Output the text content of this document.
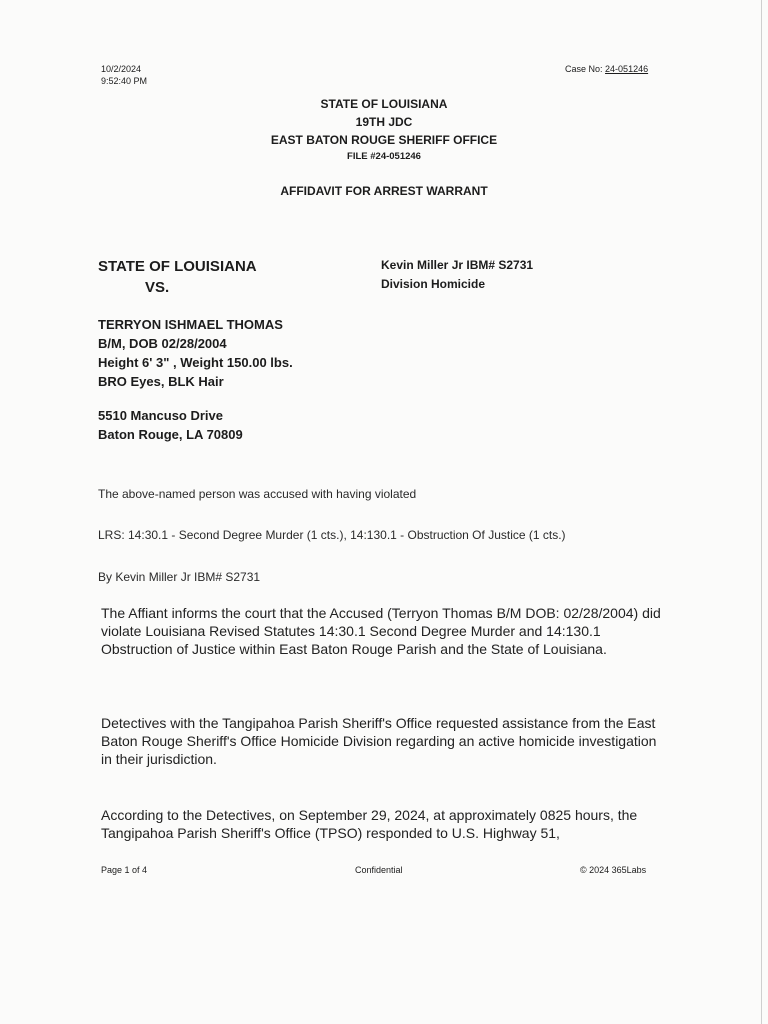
10/2/2024
9:52:40 PM
Case No: 24-051246
STATE OF LOUISIANA
19TH JDC
EAST BATON ROUGE SHERIFF OFFICE
FILE #24-051246
AFFIDAVIT FOR ARREST WARRANT
STATE OF LOUISIANA
VS.
Kevin Miller Jr IBM# S2731
Division Homicide
TERRYON ISHMAEL THOMAS
B/M, DOB 02/28/2004
Height 6' 3" , Weight 150.00 lbs.
BRO Eyes, BLK Hair
5510 Mancuso Drive
Baton Rouge, LA 70809
The above-named person was accused with having violated
LRS: 14:30.1 - Second Degree Murder (1 cts.), 14:130.1 - Obstruction Of Justice (1 cts.)
By Kevin Miller Jr IBM# S2731
The Affiant informs the court that the Accused (Terryon Thomas B/M DOB: 02/28/2004) did violate Louisiana Revised Statutes 14:30.1 Second Degree Murder and 14:130.1 Obstruction of Justice within East Baton Rouge Parish and the State of Louisiana.
Detectives with the Tangipahoa Parish Sheriff's Office requested assistance from the East Baton Rouge Sheriff's Office Homicide Division regarding an active homicide investigation in their jurisdiction.
According to the Detectives, on September 29, 2024, at approximately 0825 hours, the Tangipahoa Parish Sheriff's Office (TPSO) responded to U.S. Highway 51,
Page 1 of 4	Confidential	© 2024 365Labs
